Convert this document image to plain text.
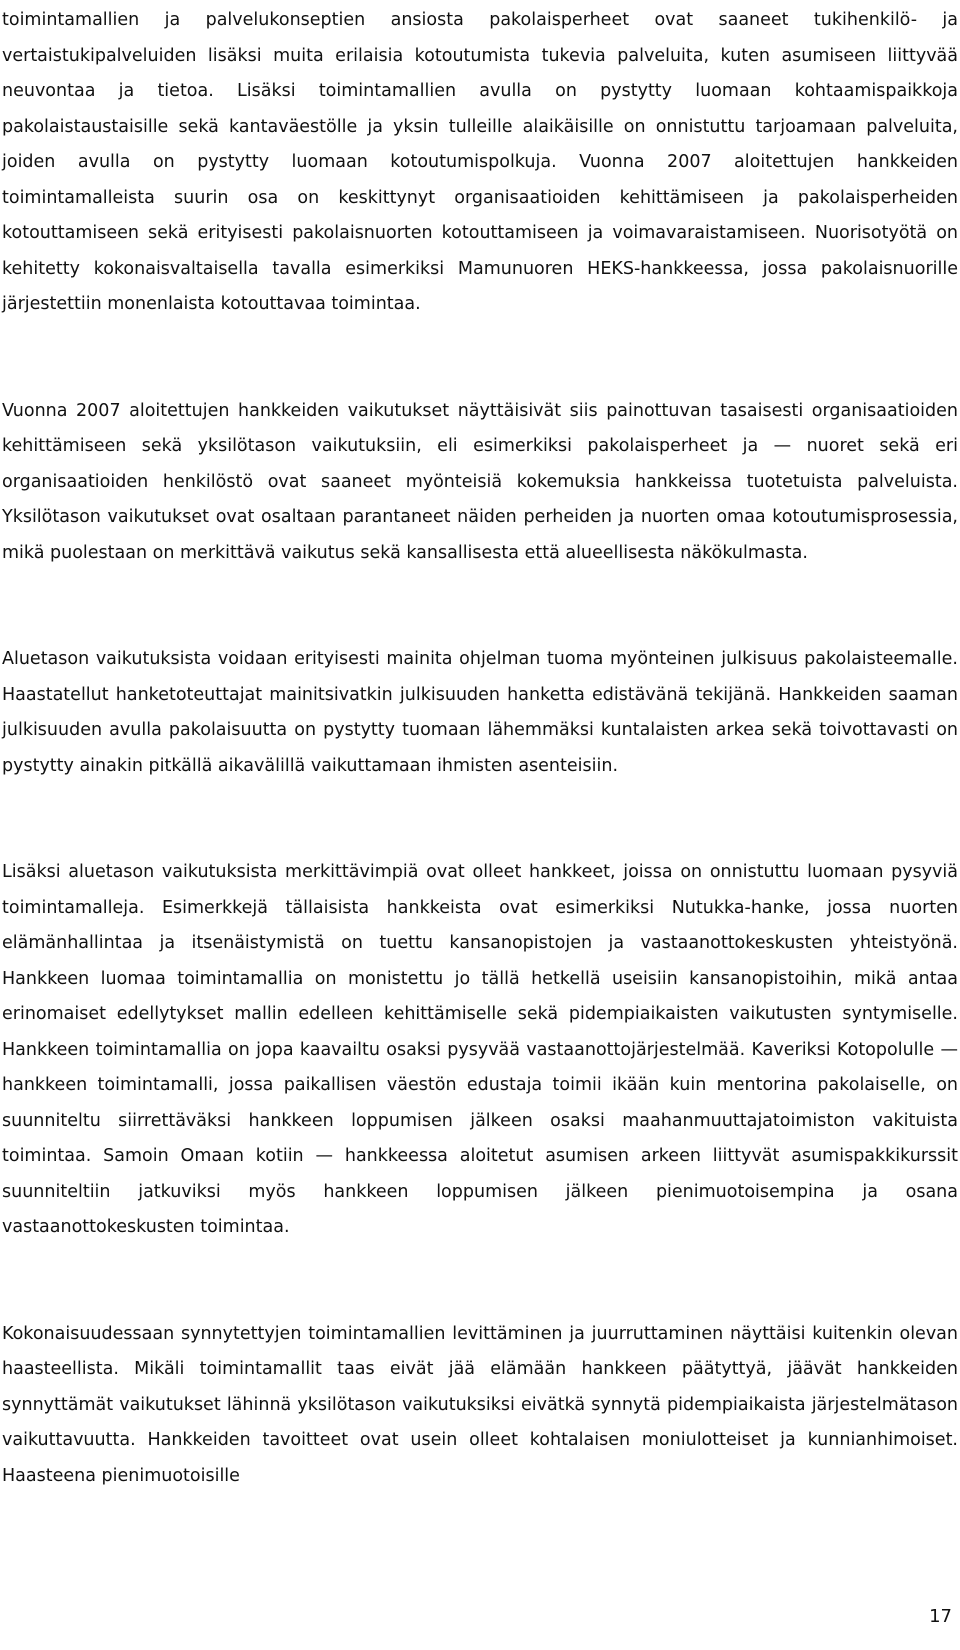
toimintamallien ja palvelukonseptien ansiosta pakolaisperheet ovat saaneet tukihenkilö- ja vertaistukipalveluiden lisäksi muita erilaisia kotoutumista tukevia palveluita, kuten asumiseen liittyvää neuvontaa ja tietoa. Lisäksi toimintamallien avulla on pystytty luomaan kohtaamispaikkoja pakolaistaustaisille sekä kantaväestölle ja yksin tulleille alaikäisille on onnistuttu tarjoamaan palveluita, joiden avulla on pystytty luomaan kotoutumispolkuja. Vuonna 2007 aloitettujen hankkeiden toimintamalleista suurin osa on keskittynyt organisaatioiden kehittämiseen ja pakolaisperheiden kotouttamiseen sekä erityisesti pakolaisnuorten kotouttamiseen ja voimavaraistamiseen. Nuorisotyötä on kehitetty kokonaisvaltaisella tavalla esimerkiksi Mamunuoren HEKS-hankkeessa, jossa pakolaisnuorille järjestettiin monenlaista kotouttavaa toimintaa.

Vuonna 2007 aloitettujen hankkeiden vaikutukset näyttäisivät siis painottuvan tasaisesti organisaatioiden kehittämiseen sekä yksilötason vaikutuksiin, eli esimerkiksi pakolaisperheet ja — nuoret sekä eri organisaatioiden henkilöstö ovat saaneet myönteisiä kokemuksia hankkeissa tuotetuista palveluista. Yksilötason vaikutukset ovat osaltaan parantaneet näiden perheiden ja nuorten omaa kotoutumisprosessia, mikä puolestaan on merkittävä vaikutus sekä kansallisesta että alueellisesta näkökulmasta.

Aluetason vaikutuksista voidaan erityisesti mainita ohjelman tuoma myönteinen julkisuus pakolaisteemalle. Haastatellut hanketoteuttajat mainitsivatkin julkisuuden hanketta edistävänä tekijänä. Hankkeiden saaman julkisuuden avulla pakolaisuutta on pystytty tuomaan lähemmäksi kuntalaisten arkea sekä toivottavasti on pystytty ainakin pitkällä aikavälillä vaikuttamaan ihmisten asenteisiin.

Lisäksi aluetason vaikutuksista merkittävimpiä ovat olleet hankkeet, joissa on onnistuttu luomaan pysyviä toimintamalleja. Esimerkkejä tällaisista hankkeista ovat esimerkiksi Nutukka-hanke, jossa nuorten elämänhallintaa ja itsenäistymistä on tuettu kansanopistojen ja vastaanottokeskusten yhteistyönä. Hankkeen luomaa toimintamallia on monistettu jo tällä hetkellä useisiin kansanopistoihin, mikä antaa erinomaiset edellytykset mallin edelleen kehittämiselle sekä pidempiaikaisten vaikutusten syntymiselle. Hankkeen toimintamallia on jopa kaavailtu osaksi pysyvää vastaanottojärjestelmää. Kaveriksi Kotopolulle — hankkeen toimintamalli, jossa paikallisen väestön edustaja toimii ikään kuin mentorina pakolaiselle, on suunniteltu siirrettäväksi hankkeen loppumisen jälkeen osaksi maahanmuuttajatoimiston vakituista toimintaa. Samoin Omaan kotiin — hankkeessa aloitetut asumisen arkeen liittyvät asumispakkikurssit suunniteltiin jatkuviksi myös hankkeen loppumisen jälkeen pienimuotoisempina ja osana vastaanottokeskusten toimintaa.

Kokonaisuudessaan synnytettyjen toimintamallien levittäminen ja juurruttaminen näyttäisi kuitenkin olevan haasteellista. Mikäli toimintamallit taas eivät jää elämään hankkeen päätyttyä, jäävät hankkeiden synnyttämät vaikutukset lähinnä yksilötason vaikutuksiksi eivätkä synnytä pidempiaikaista järjestelmätason vaikuttavuutta. Hankkeiden tavoitteet ovat usein olleet kohtalaisen moniulotteiset ja kunnianhimoiset. Haasteena pienimuotoisille

17
